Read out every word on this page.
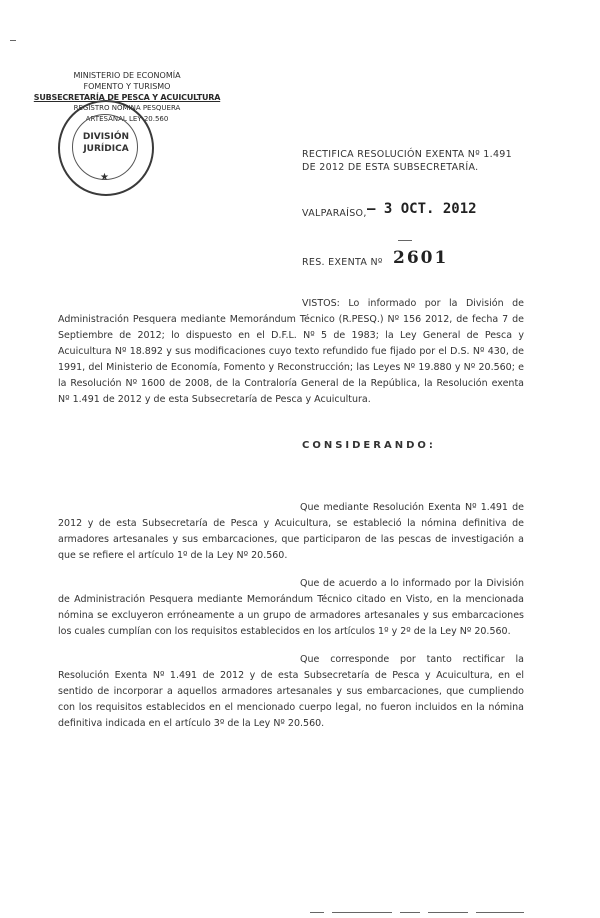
MINISTERIO DE ECONOMÍA
FOMENTO Y TURISMO
SUBSECRETARÍA DE PESCA Y ACUICULTURA
REGISTRO NÓMINA PESQUERA
ARTESANAL LEY 20.560
DIVISIÓN
JURÍDICA
★
RECTIFICA RESOLUCIÓN EXENTA Nº 1.491 DE 2012 DE ESTA SUBSECRETARÍA.
VALPARAÍSO, – 3 OCT. 2012
RES. EXENTA Nº 2601
VISTOS: Lo informado por la División de Administración Pesquera mediante Memorándum Técnico (R.PESQ.) Nº 156 2012, de fecha 7 de Septiembre de 2012; lo dispuesto en el D.F.L. Nº 5 de 1983; la Ley General de Pesca y Acuicultura Nº 18.892 y sus modificaciones cuyo texto refundido fue fijado por el D.S. Nº 430, de 1991, del Ministerio de Economía, Fomento y Reconstrucción; las Leyes Nº 19.880 y Nº 20.560; e la Resolución Nº 1600 de 2008, de la Contraloría General de la República, la Resolución exenta Nº 1.491 de 2012 y de esta Subsecretaría de Pesca y Acuicultura.
CONSIDERANDO:
Que mediante Resolución Exenta Nº 1.491 de 2012 y de esta Subsecretaría de Pesca y Acuicultura, se estableció la nómina definitiva de armadores artesanales y sus embarcaciones, que participaron de las pescas de investigación a que se refiere el artículo 1º de la Ley Nº 20.560.
Que de acuerdo a lo informado por la División de Administración Pesquera mediante Memorándum Técnico citado en Visto, en la mencionada nómina se excluyeron erróneamente a un grupo de armadores artesanales y sus embarcaciones los cuales cumplían con los requisitos establecidos en los artículos 1º y 2º de la Ley Nº 20.560.
Que corresponde por tanto rectificar la Resolución Exenta Nº 1.491 de 2012 y de esta Subsecretaría de Pesca y Acuicultura, en el sentido de incorporar a aquellos armadores artesanales y sus embarcaciones, que cumpliendo con los requisitos establecidos en el mencionado cuerpo legal, no fueron incluidos en la nómina definitiva indicada en el artículo 3º de la Ley Nº 20.560.
